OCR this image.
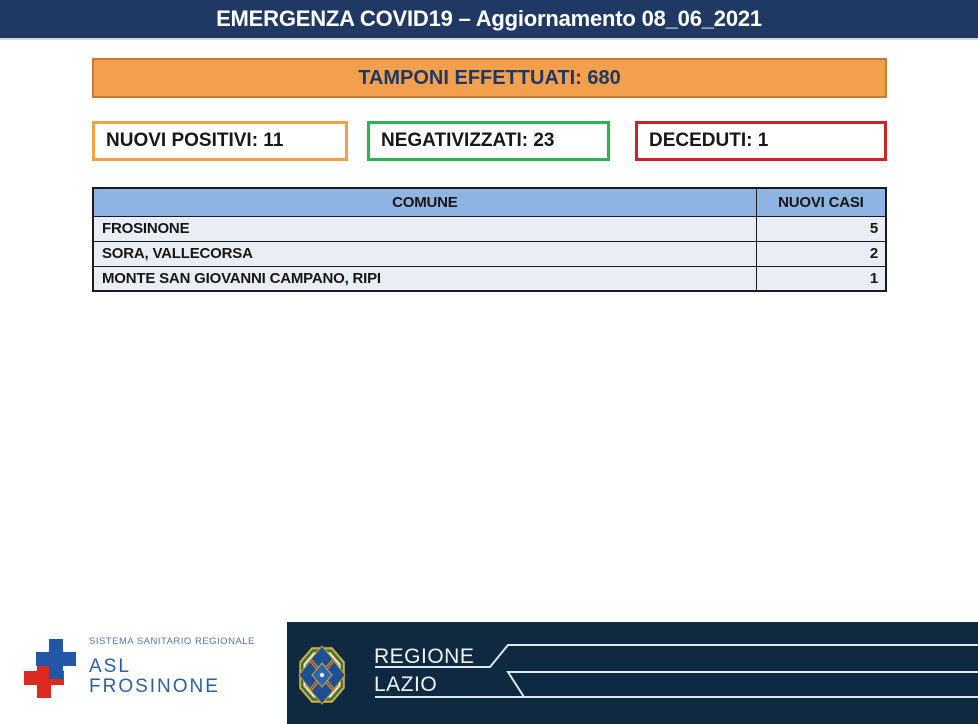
EMERGENZA COVID19 – Aggiornamento 08_06_2021
TAMPONI EFFETTUATI: 680
NUOVI POSITIVI: 11	NEGATIVIZZATI: 23	DECEDUTI: 1
COMUNE	NUOVI CASI
FROSINONE	5
SORA, VALLECORSA	2
MONTE SAN GIOVANNI CAMPANO, RIPI	1
SISTEMA SANITARIO REGIONALE
ASL
FROSINONE
REGIONE
LAZIO
